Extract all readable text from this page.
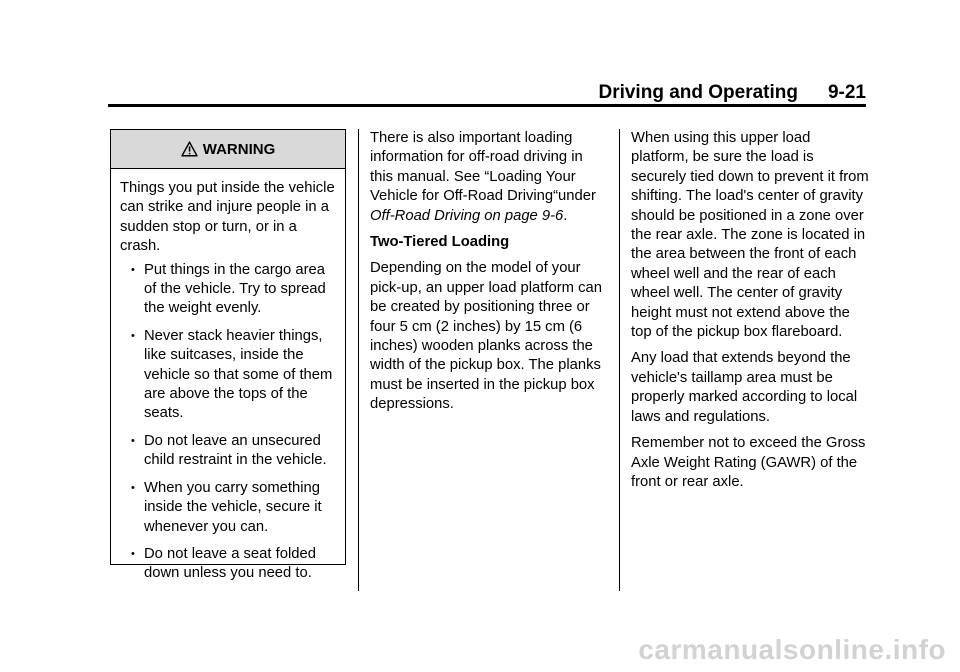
Driving and Operating 9-21
WARNING

Things you put inside the vehicle can strike and injure people in a sudden stop or turn, or in a crash.

• Put things in the cargo area of the vehicle. Try to spread the weight evenly.
• Never stack heavier things, like suitcases, inside the vehicle so that some of them are above the tops of the seats.
• Do not leave an unsecured child restraint in the vehicle.
• When you carry something inside the vehicle, secure it whenever you can.
• Do not leave a seat folded down unless you need to.

There is also important loading information for off-road driving in this manual. See “Loading Your Vehicle for Off-Road Driving“under Off-Road Driving on page 9-6.

Two-Tiered Loading

Depending on the model of your pick-up, an upper load platform can be created by positioning three or four 5 cm (2 inches) by 15 cm (6 inches) wooden planks across the width of the pickup box. The planks must be inserted in the pickup box depressions.

When using this upper load platform, be sure the load is securely tied down to prevent it from shifting. The load's center of gravity should be positioned in a zone over the rear axle. The zone is located in the area between the front of each wheel well and the rear of each wheel well. The center of gravity height must not extend above the top of the pickup box flareboard.

Any load that extends beyond the vehicle's taillamp area must be properly marked according to local laws and regulations.

Remember not to exceed the Gross Axle Weight Rating (GAWR) of the front or rear axle.

carmanualsonline.info
